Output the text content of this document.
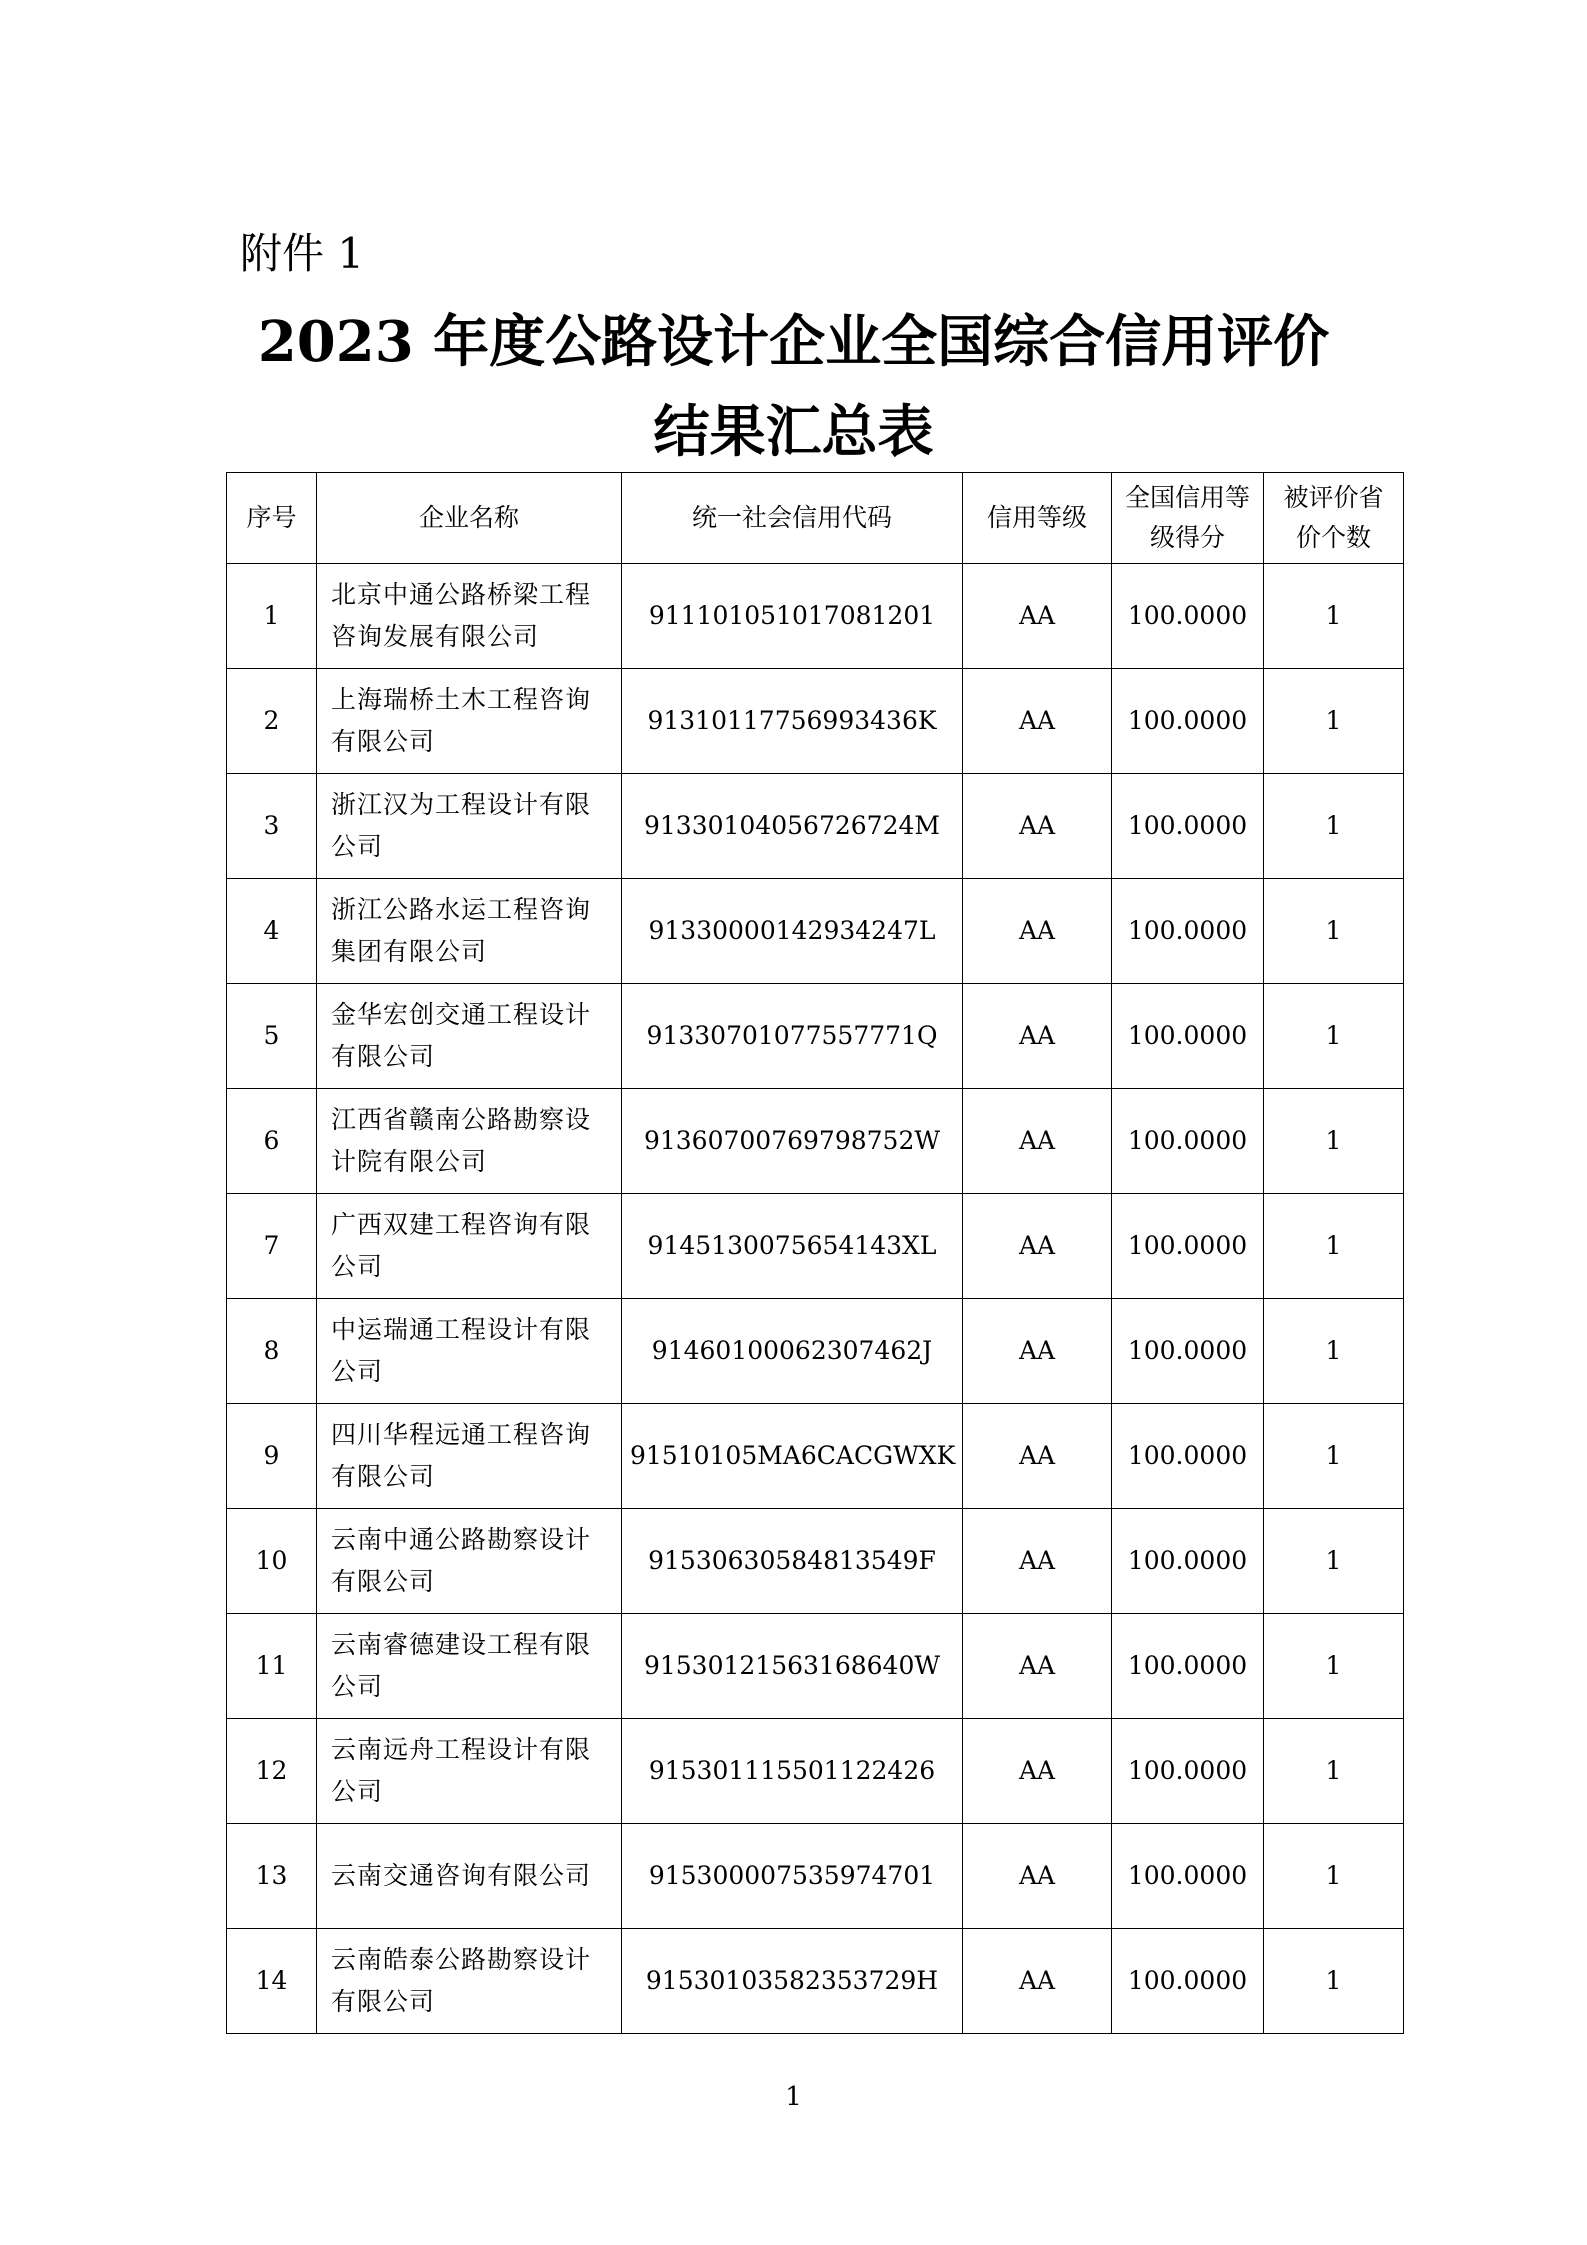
附件 1
2023 年度公路设计企业全国综合信用评价
结果汇总表
序号	企业名称	统一社会信用代码	信用等级	全国信用等级得分	被评价省价个数
1	北京中通公路桥梁工程咨询发展有限公司	911101051017081201	AA	100.0000	1
2	上海瑞桥土木工程咨询有限公司	91310117756993436K	AA	100.0000	1
3	浙江汉为工程设计有限公司	91330104056726724M	AA	100.0000	1
4	浙江公路水运工程咨询集团有限公司	91330000142934247L	AA	100.0000	1
5	金华宏创交通工程设计有限公司	91330701077557771Q	AA	100.0000	1
6	江西省赣南公路勘察设计院有限公司	91360700769798752W	AA	100.0000	1
7	广西双建工程咨询有限公司	9145130075654143XL	AA	100.0000	1
8	中运瑞通工程设计有限公司	91460100062307462J	AA	100.0000	1
9	四川华程远通工程咨询有限公司	91510105MA6CACGWXK	AA	100.0000	1
10	云南中通公路勘察设计有限公司	91530630584813549F	AA	100.0000	1
11	云南睿德建设工程有限公司	91530121563168640W	AA	100.0000	1
12	云南远舟工程设计有限公司	915301115501122426	AA	100.0000	1
13	云南交通咨询有限公司	915300007535974701	AA	100.0000	1
14	云南皓泰公路勘察设计有限公司	91530103582353729H	AA	100.0000	1
1
